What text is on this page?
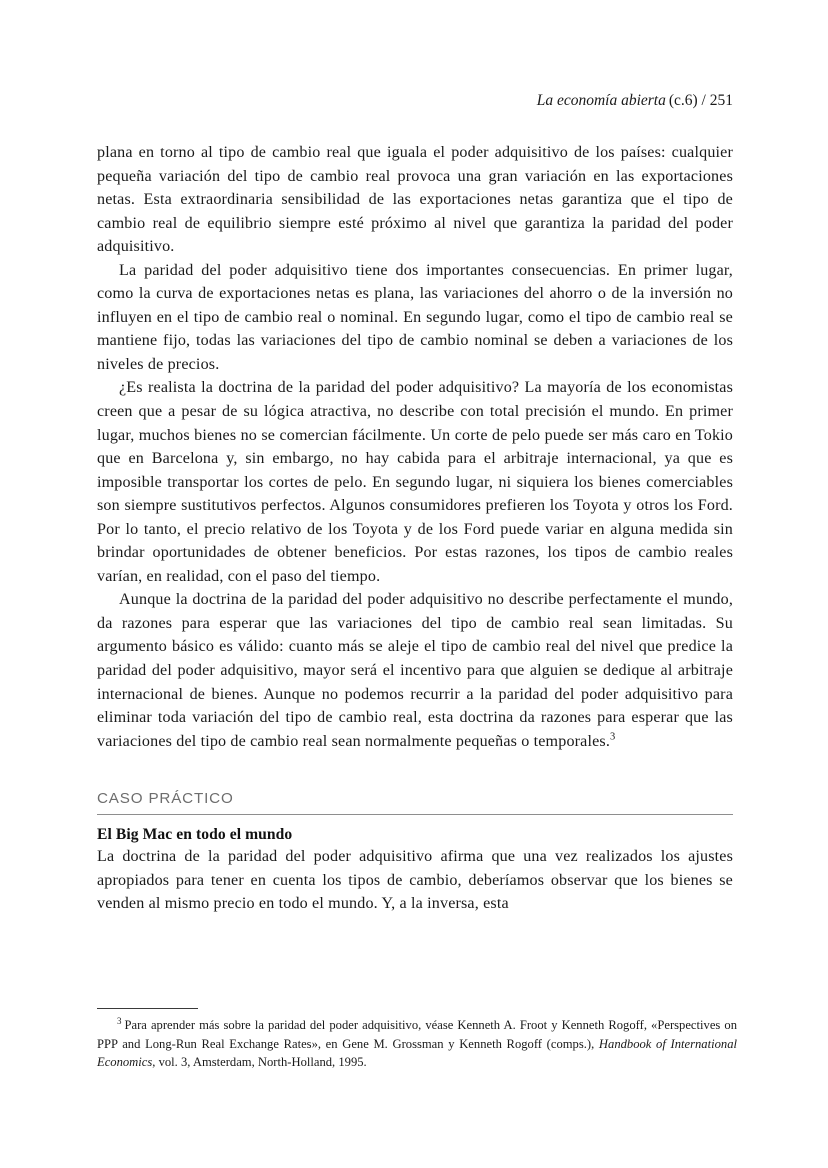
La economía abierta (c.6) / 251

plana en torno al tipo de cambio real que iguala el poder adquisitivo de los países: cualquier pequeña variación del tipo de cambio real provoca una gran variación en las exportaciones netas. Esta extraordinaria sensibilidad de las exportaciones netas garantiza que el tipo de cambio real de equilibrio siempre esté próximo al nivel que garantiza la paridad del poder adquisitivo.

La paridad del poder adquisitivo tiene dos importantes consecuencias. En primer lugar, como la curva de exportaciones netas es plana, las variaciones del ahorro o de la inversión no influyen en el tipo de cambio real o nominal. En segundo lugar, como el tipo de cambio real se mantiene fijo, todas las variaciones del tipo de cambio nominal se deben a variaciones de los niveles de precios.

¿Es realista la doctrina de la paridad del poder adquisitivo? La mayoría de los economistas creen que a pesar de su lógica atractiva, no describe con total precisión el mundo. En primer lugar, muchos bienes no se comercian fácilmente. Un corte de pelo puede ser más caro en Tokio que en Barcelona y, sin embargo, no hay cabida para el arbitraje internacional, ya que es imposible transportar los cortes de pelo. En segundo lugar, ni siquiera los bienes comerciables son siempre sustitutivos perfectos. Algunos consumidores prefieren los Toyota y otros los Ford. Por lo tanto, el precio relativo de los Toyota y de los Ford puede variar en alguna medida sin brindar oportunidades de obtener beneficios. Por estas razones, los tipos de cambio reales varían, en realidad, con el paso del tiempo.

Aunque la doctrina de la paridad del poder adquisitivo no describe perfectamente el mundo, da razones para esperar que las variaciones del tipo de cambio real sean limitadas. Su argumento básico es válido: cuanto más se aleje el tipo de cambio real del nivel que predice la paridad del poder adquisitivo, mayor será el incentivo para que alguien se dedique al arbitraje internacional de bienes. Aunque no podemos recurrir a la paridad del poder adquisitivo para eliminar toda variación del tipo de cambio real, esta doctrina da razones para esperar que las variaciones del tipo de cambio real sean normalmente pequeñas o temporales.$^3$

CASO PRÁCTICO
El Big Mac en todo el mundo

La doctrina de la paridad del poder adquisitivo afirma que una vez realizados los ajustes apropiados para tener en cuenta los tipos de cambio, deberíamos observar que los bienes se venden al mismo precio en todo el mundo. Y, a la inversa, esta

$^3$ Para aprender más sobre la paridad del poder adquisitivo, véase Kenneth A. Froot y Kenneth Rogoff, «Perspectives on PPP and Long-Run Real Exchange Rates», en Gene M. Grossman y Kenneth Rogoff (comps.), Handbook of International Economics, vol. 3, Amsterdam, North-Holland, 1995.
